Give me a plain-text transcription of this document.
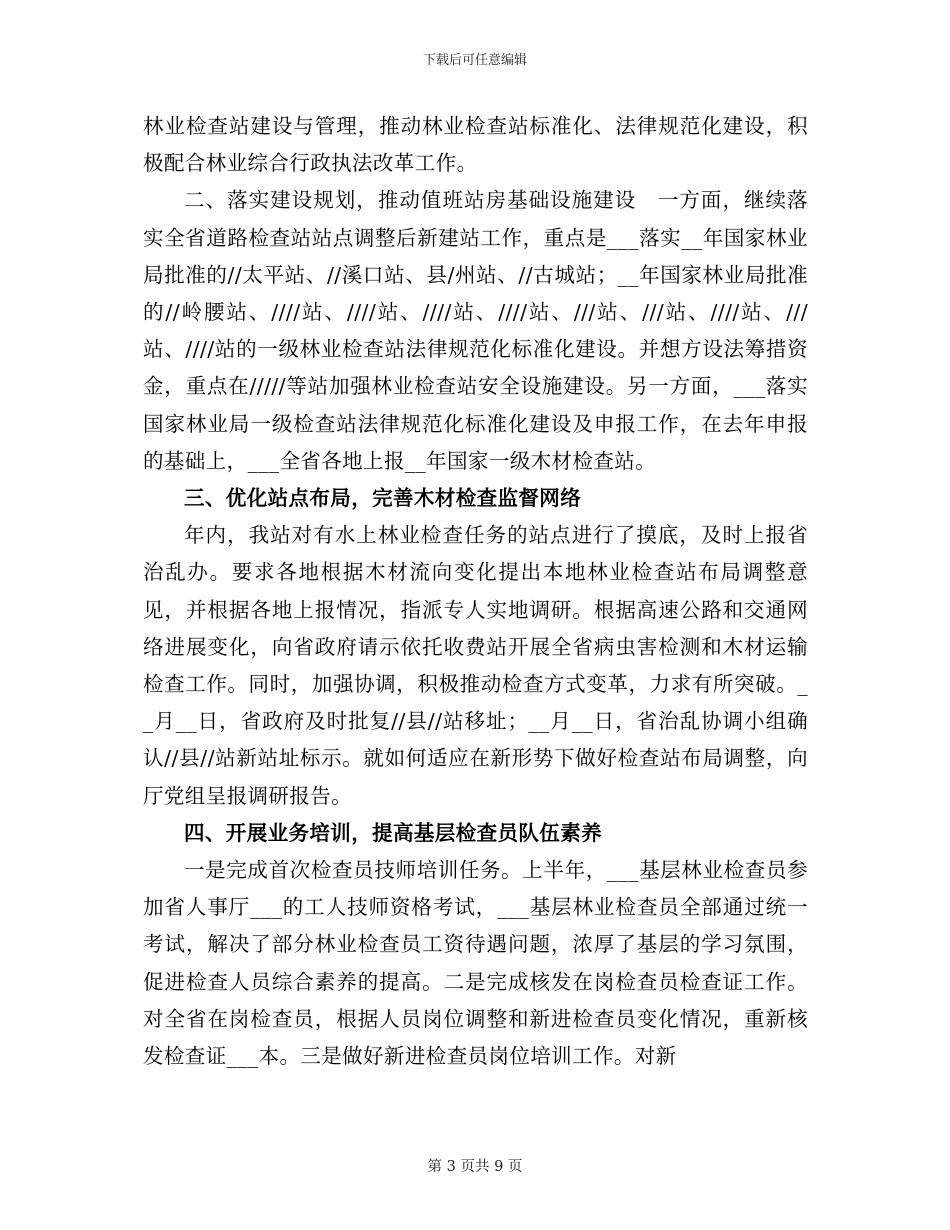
下载后可任意编辑

林业检查站建设与管理，推动林业检查站标准化、法律规范化建设，积极配合林业综合行政执法改革工作。

二、落实建设规划，推动值班站房基础设施建设　一方面，继续落实全省道路检查站站点调整后新建站工作，重点是___落实__年国家林业局批准的//太平站、//溪口站、县/州站、//古城站；__年国家林业局批准的//岭腰站、////站、////站、////站、////站、///站、///站、////站、///站、////站的一级林业检查站法律规范化标准化建设。并想方设法筹措资金，重点在/////等站加强林业检查站安全设施建设。另一方面，___落实国家林业局一级检查站法律规范化标准化建设及申报工作，在去年申报的基础上，___全省各地上报__年国家一级木材检查站。

三、优化站点布局，完善木材检查监督网络

年内，我站对有水上林业检查任务的站点进行了摸底，及时上报省治乱办。要求各地根据木材流向变化提出本地林业检查站布局调整意见，并根据各地上报情况，指派专人实地调研。根据高速公路和交通网络进展变化，向省政府请示依托收费站开展全省病虫害检测和木材运输检查工作。同时，加强协调，积极推动检查方式变革，力求有所突破。__月__日，省政府及时批复//县//站移址；__月__日，省治乱协调小组确认//县//站新站址标示。就如何适应在新形势下做好检查站布局调整，向厅党组呈报调研报告。

四、开展业务培训，提高基层检查员队伍素养

一是完成首次检查员技师培训任务。上半年，___基层林业检查员参加省人事厅___的工人技师资格考试，___基层林业检查员全部通过统一考试，解决了部分林业检查员工资待遇问题，浓厚了基层的学习氛围，促进检查人员综合素养的提高。二是完成核发在岗检查员检查证工作。对全省在岗检查员，根据人员岗位调整和新进检查员变化情况，重新核发检查证___本。三是做好新进检查员岗位培训工作。对新

第 3 页共 9 页
